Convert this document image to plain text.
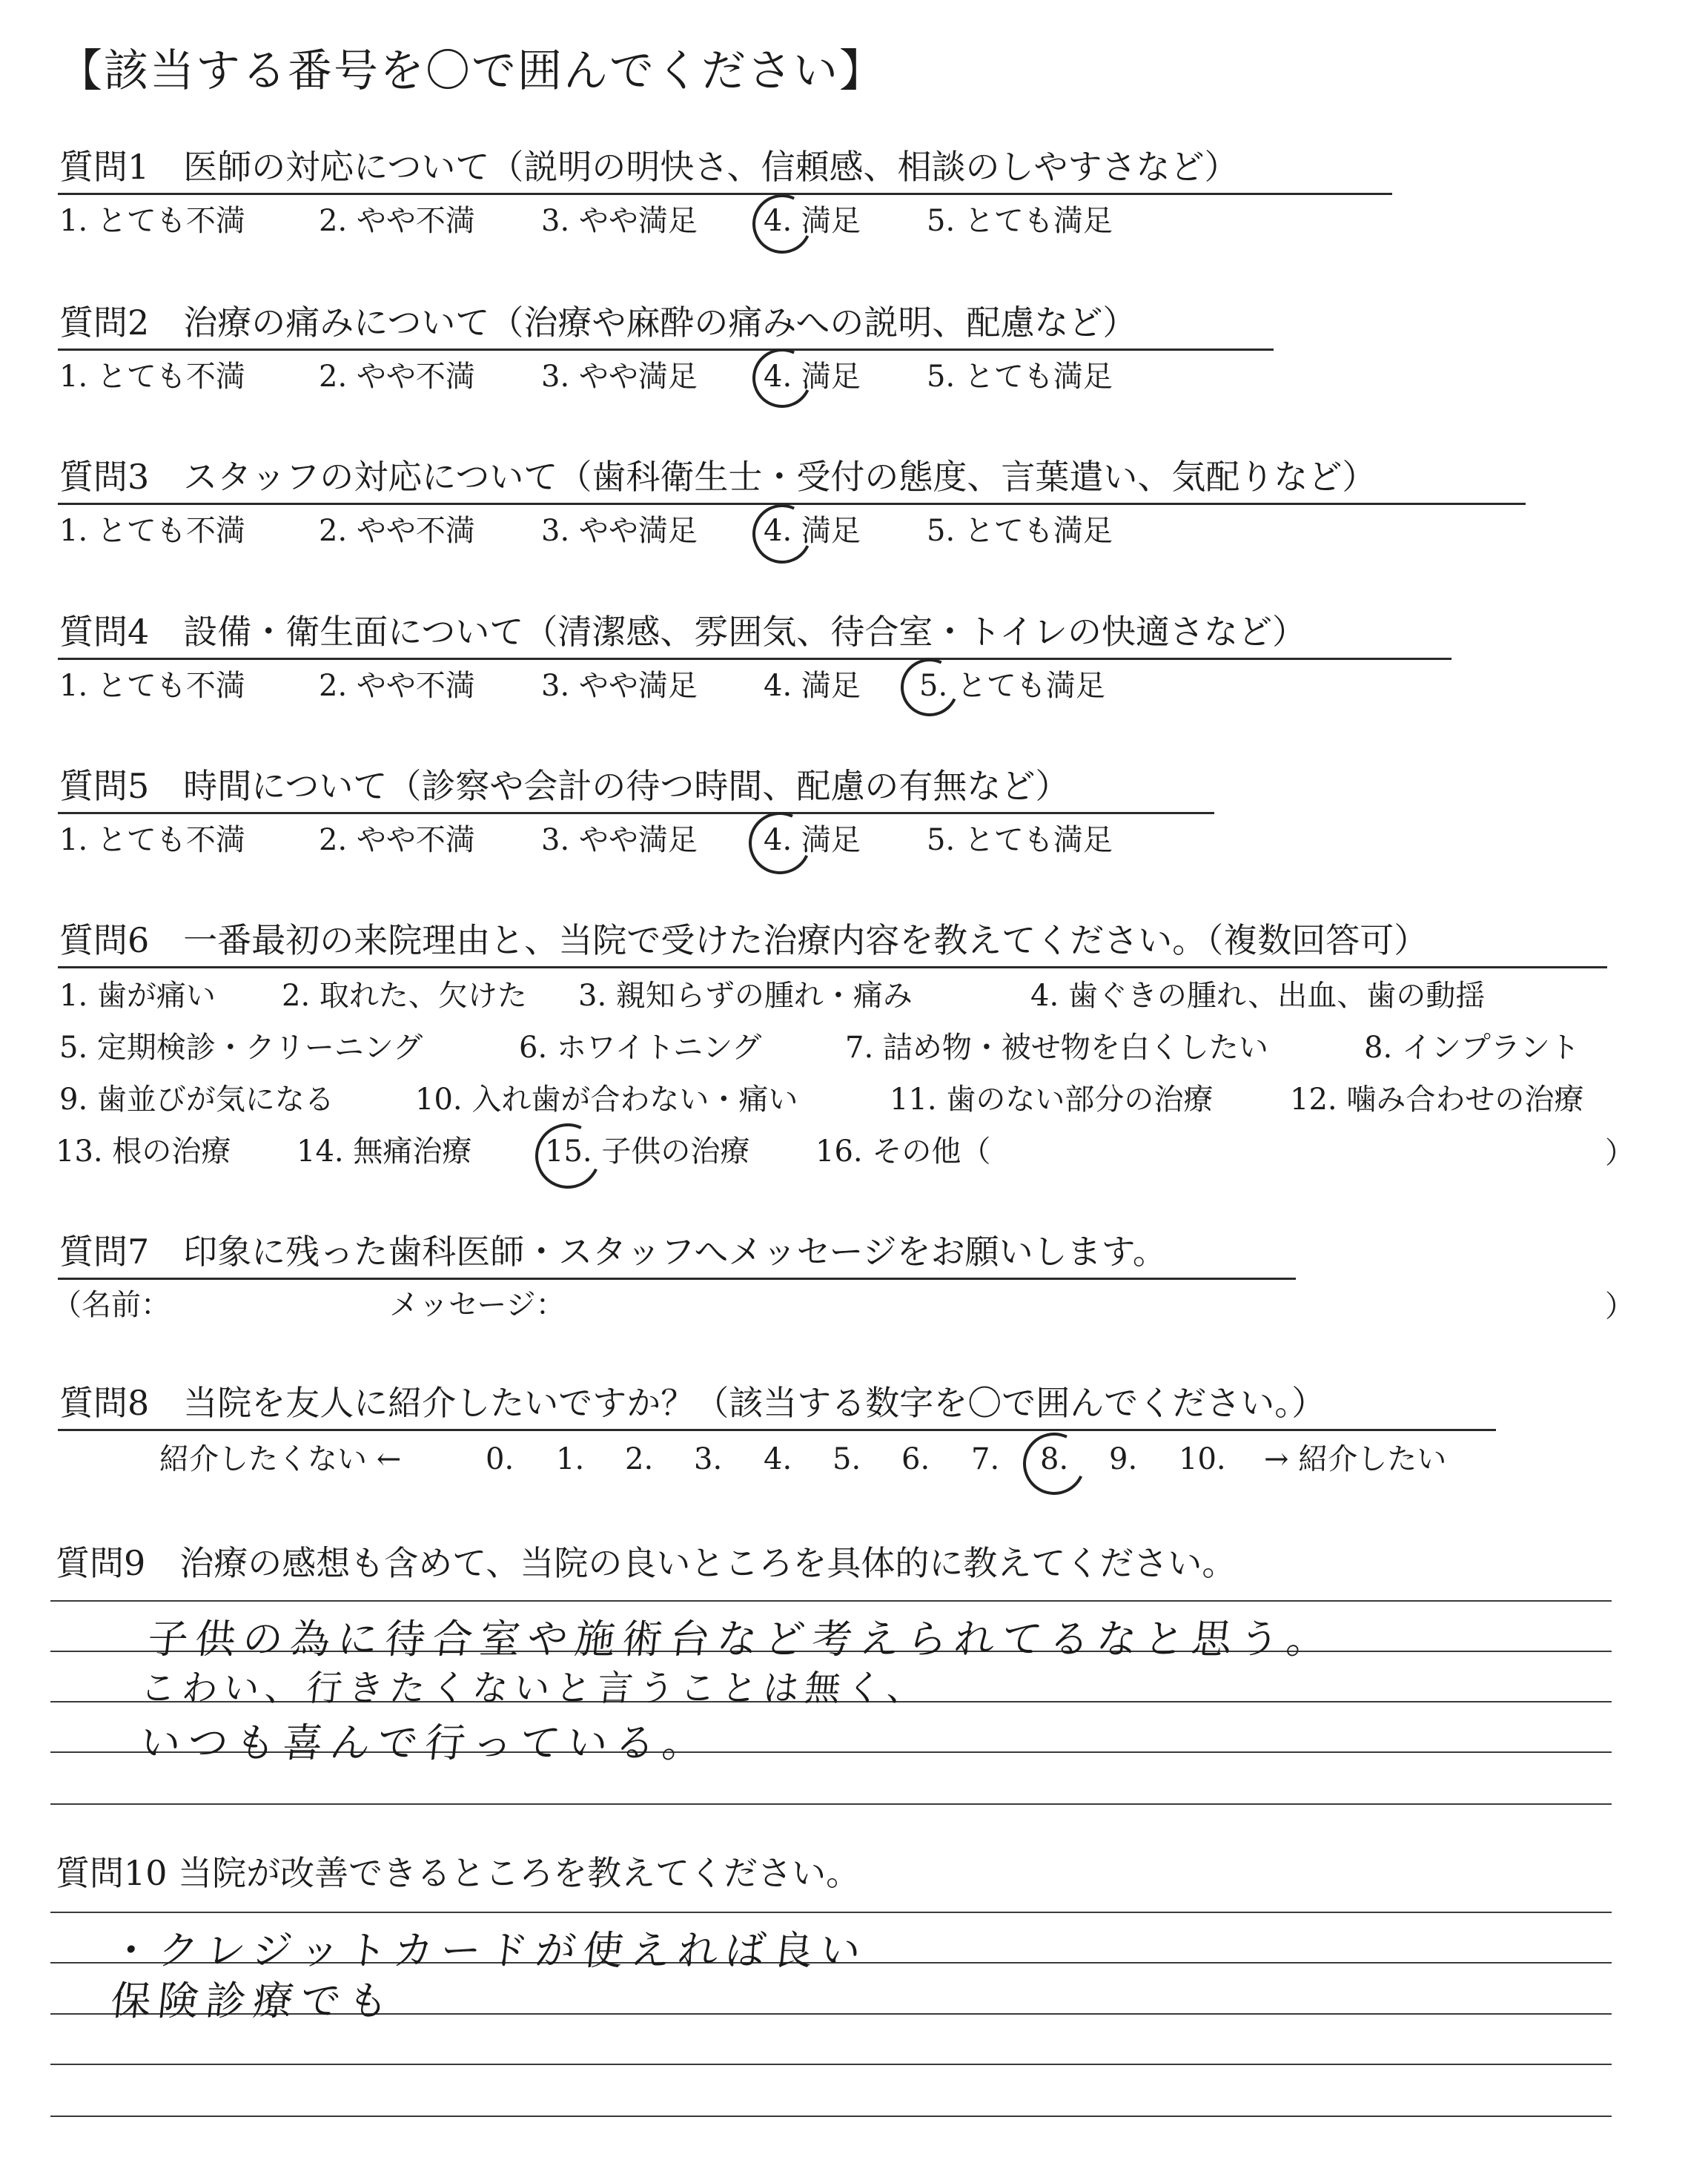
【該当する番号を〇で囲んでください】
質問1　医師の対応について（説明の明快さ、信頼感、相談のしやすさなど）
1. とても不満 2. やや不満 3. やや満足 4. 満足 5. とても満足
質問2　治療の痛みについて（治療や麻酔の痛みへの説明、配慮など）
1. とても不満 2. やや不満 3. やや満足 4. 満足 5. とても満足
質問3　スタッフの対応について（歯科衛生士・受付の態度、言葉遣い、気配りなど）
1. とても不満 2. やや不満 3. やや満足 4. 満足 5. とても満足
質問4　設備・衛生面について（清潔感、雰囲気、待合室・トイレの快適さなど）
1. とても不満 2. やや不満 3. やや満足 4. 満足 5. とても満足
質問5　時間について（診察や会計の待つ時間、配慮の有無など）
1. とても不満 2. やや不満 3. やや満足 4. 満足 5. とても満足
質問6　一番最初の来院理由と、当院で受けた治療内容を教えてください。（複数回答可）
1. 歯が痛い 2. 取れた、欠けた 3. 親知らずの腫れ・痛み	4. 歯ぐきの腫れ、出血、歯の動揺
5. 定期検診・クリーニング	6. ホワイトニング	7. 詰め物・被せ物を白くしたい	8. インプラント
9. 歯並びが気になる	10. 入れ歯が合わない・痛い	11. 歯のない部分の治療	12. 噛み合わせの治療
13. 根の治療 14. 無痛治療 15. 子供の治療 16. その他（	）
質問7　印象に残った歯科医師・スタッフへメッセージをお願いします。
（名前：	メッセージ：	）
質問8　当院を友人に紹介したいですか？（該当する数字を〇で囲んでください。）
紹介したくない ←	0. 1. 2. 3. 4. 5. 6. 7. 8. 9. 10. → 紹介したい
質問9　治療の感想も含めて、当院の良いところを具体的に教えてください。
子供の為に待合室や施術台など考えられてるなと思う。
こわい、行きたくないと言うことは無く、
いつも喜んで行っている。
質問10 当院が改善できるところを教えてください。
・クレジットカードが使えれば良い
保険診療でも
